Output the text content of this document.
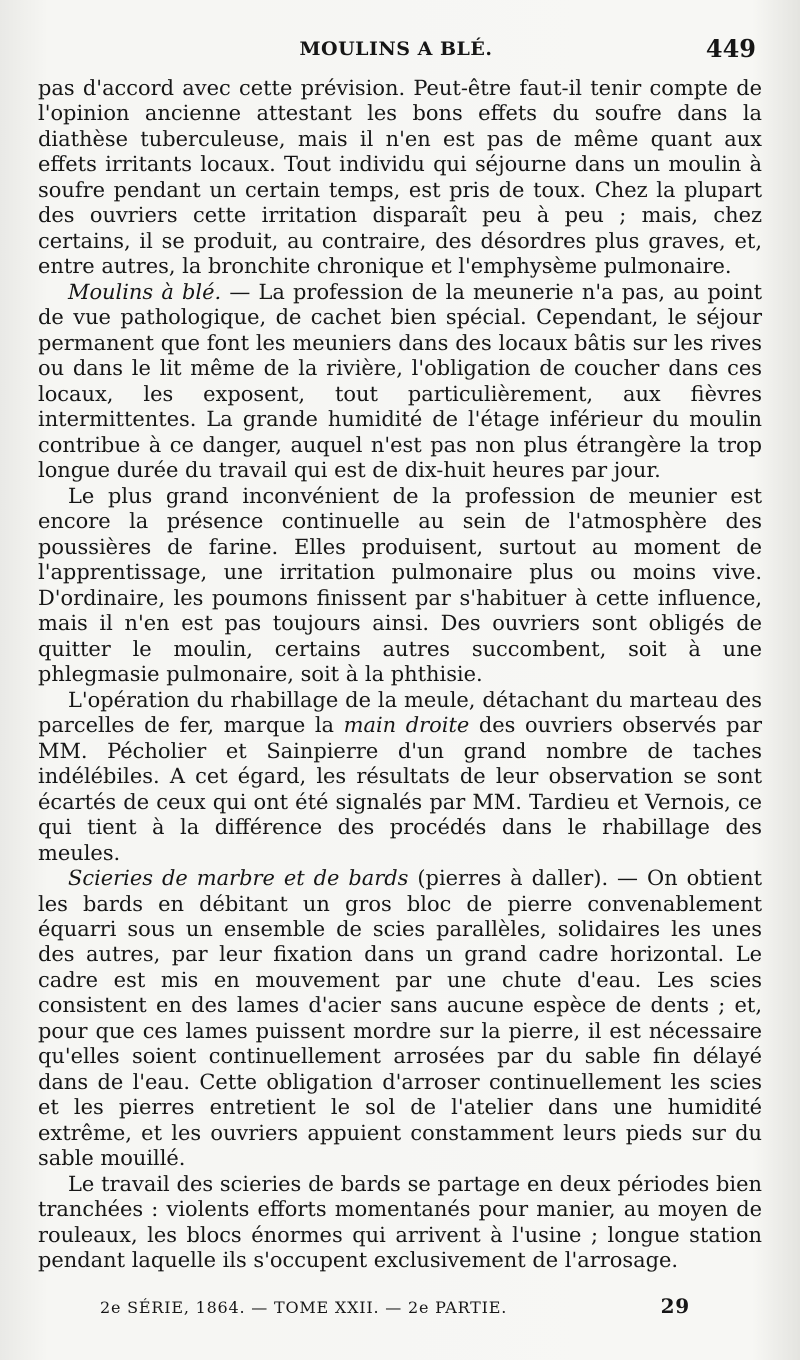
MOULINS A BLÉ.	449

pas d'accord avec cette prévision. Peut-être faut-il tenir compte de l'opinion ancienne attestant les bons effets du soufre dans la diathèse tuberculeuse, mais il n'en est pas de même quant aux effets irritants locaux. Tout individu qui séjourne dans un moulin à soufre pendant un certain temps, est pris de toux. Chez la plupart des ouvriers cette irritation disparaît peu à peu ; mais, chez certains, il se produit, au contraire, des désordres plus graves, et, entre autres, la bronchite chronique et l'emphysème pulmonaire.

Moulins à blé. — La profession de la meunerie n'a pas, au point de vue pathologique, de cachet bien spécial. Cependant, le séjour permanent que font les meuniers dans des locaux bâtis sur les rives ou dans le lit même de la rivière, l'obligation de coucher dans ces locaux, les exposent, tout particulièrement, aux fièvres intermittentes. La grande humidité de l'étage inférieur du moulin contribue à ce danger, auquel n'est pas non plus étrangère la trop longue durée du travail qui est de dix-huit heures par jour.

Le plus grand inconvénient de la profession de meunier est encore la présence continuelle au sein de l'atmosphère des poussières de farine. Elles produisent, surtout au moment de l'apprentissage, une irritation pulmonaire plus ou moins vive. D'ordinaire, les poumons finissent par s'habituer à cette influence, mais il n'en est pas toujours ainsi. Des ouvriers sont obligés de quitter le moulin, certains autres succombent, soit à une phlegmasie pulmonaire, soit à la phthisie.

L'opération du rhabillage de la meule, détachant du marteau des parcelles de fer, marque la main droite des ouvriers observés par MM. Pécholier et Sainpierre d'un grand nombre de taches indélébiles. A cet égard, les résultats de leur observation se sont écartés de ceux qui ont été signalés par MM. Tardieu et Vernois, ce qui tient à la différence des procédés dans le rhabillage des meules.

Scieries de marbre et de bards (pierres à daller). — On obtient les bards en débitant un gros bloc de pierre convenablement équarri sous un ensemble de scies parallèles, solidaires les unes des autres, par leur fixation dans un grand cadre horizontal. Le cadre est mis en mouvement par une chute d'eau. Les scies consistent en des lames d'acier sans aucune espèce de dents ; et, pour que ces lames puissent mordre sur la pierre, il est nécessaire qu'elles soient continuellement arrosées par du sable fin délayé dans de l'eau. Cette obligation d'arroser continuellement les scies et les pierres entretient le sol de l'atelier dans une humidité extrême, et les ouvriers appuient constamment leurs pieds sur du sable mouillé.

Le travail des scieries de bards se partage en deux périodes bien tranchées : violents efforts momentanés pour manier, au moyen de rouleaux, les blocs énormes qui arrivent à l'usine ; longue station pendant laquelle ils s'occupent exclusivement de l'arrosage.

2e SÉRIE, 1864. — TOME XXII. — 2e PARTIE.	29
